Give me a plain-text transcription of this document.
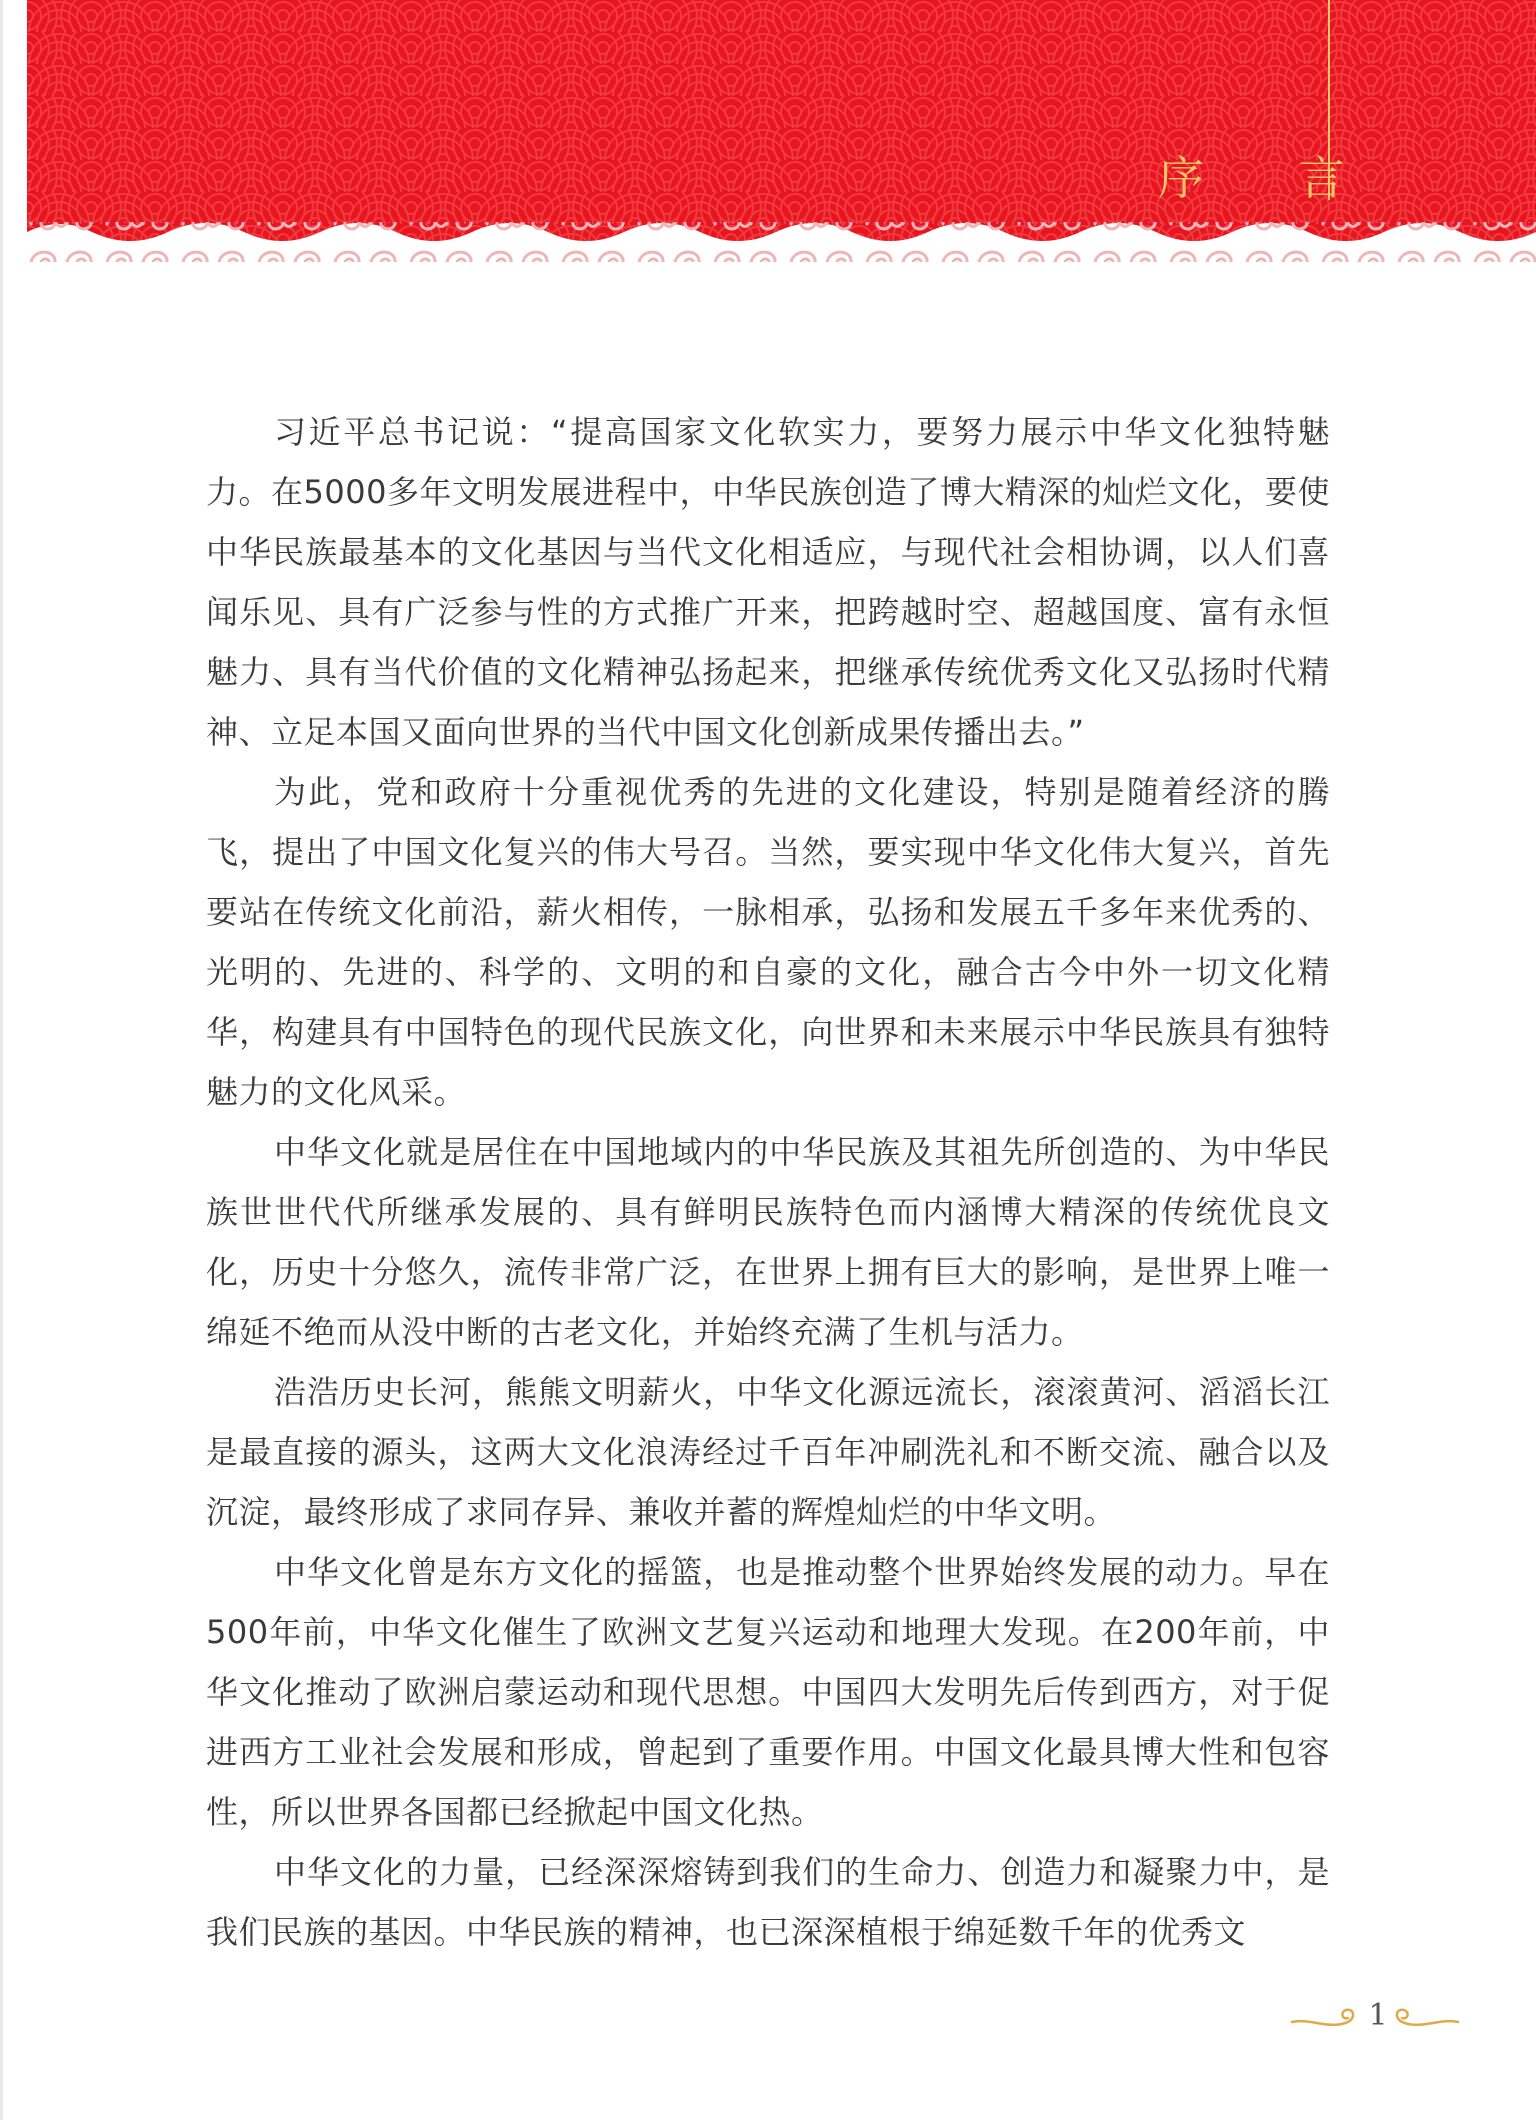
序 言

习近平总书记说：“提高国家文化软实力，要努力展示中华文化独特魅力。在5000多年文明发展进程中，中华民族创造了博大精深的灿烂文化，要使中华民族最基本的文化基因与当代文化相适应，与现代社会相协调，以人们喜闻乐见、具有广泛参与性的方式推广开来，把跨越时空、超越国度、富有永恒魅力、具有当代价值的文化精神弘扬起来，把继承传统优秀文化又弘扬时代精神、立足本国又面向世界的当代中国文化创新成果传播出去。”

为此，党和政府十分重视优秀的先进的文化建设，特别是随着经济的腾飞，提出了中国文化复兴的伟大号召。当然，要实现中华文化伟大复兴，首先要站在传统文化前沿，薪火相传，一脉相承，弘扬和发展五千多年来优秀的、光明的、先进的、科学的、文明的和自豪的文化，融合古今中外一切文化精华，构建具有中国特色的现代民族文化，向世界和未来展示中华民族具有独特魅力的文化风采。

中华文化就是居住在中国地域内的中华民族及其祖先所创造的、为中华民族世世代代所继承发展的、具有鲜明民族特色而内涵博大精深的传统优良文化，历史十分悠久，流传非常广泛，在世界上拥有巨大的影响，是世界上唯一绵延不绝而从没中断的古老文化，并始终充满了生机与活力。

浩浩历史长河，熊熊文明薪火，中华文化源远流长，滚滚黄河、滔滔长江是最直接的源头，这两大文化浪涛经过千百年冲刷洗礼和不断交流、融合以及沉淀，最终形成了求同存异、兼收并蓄的辉煌灿烂的中华文明。

中华文化曾是东方文化的摇篮，也是推动整个世界始终发展的动力。早在500年前，中华文化催生了欧洲文艺复兴运动和地理大发现。在200年前，中华文化推动了欧洲启蒙运动和现代思想。中国四大发明先后传到西方，对于促进西方工业社会发展和形成，曾起到了重要作用。中国文化最具博大性和包容性，所以世界各国都已经掀起中国文化热。

中华文化的力量，已经深深熔铸到我们的生命力、创造力和凝聚力中，是我们民族的基因。中华民族的精神，也已深深植根于绵延数千年的优秀文

1
